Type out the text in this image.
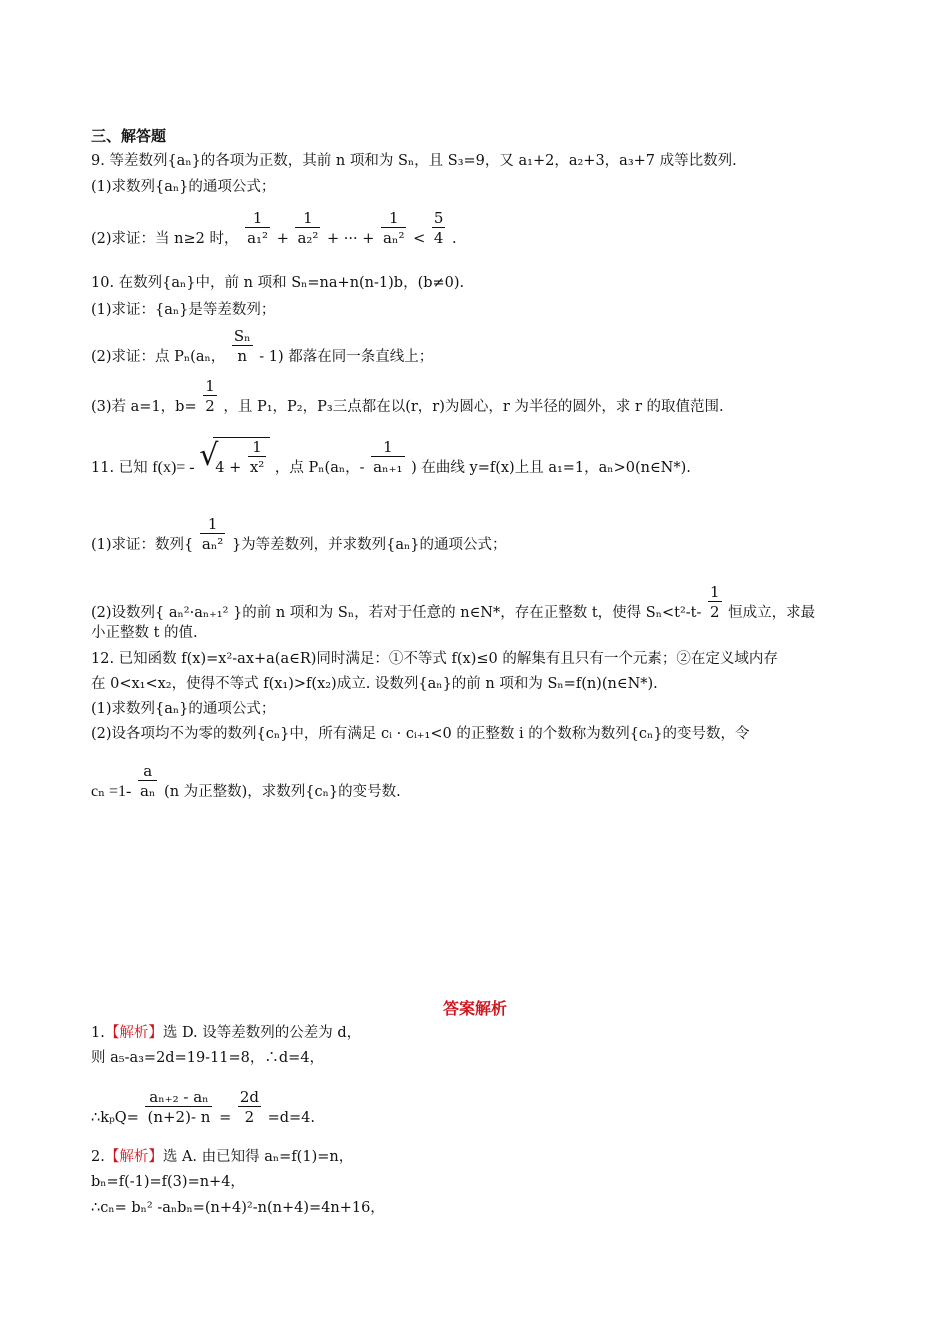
三、解答题
9. 等差数列{aₙ}的各项为正数，其前 n 项和为 Sₙ，且 S₃=9，又 a₁+2，a₂+3，a₃+7 成等比数列.
(1)求数列{aₙ}的通项公式；
(2)求证：当 n≥2 时， $\frac{1}{\text{a₁²}} + \frac{1}{\text{a₂²}}$ + ··· + $\frac{1}{\text{aₙ²}} < \frac{5}{4}$ .
10. 在数列{aₙ}中，前 n 项和 Sₙ=na+n(n-1)b，(b≠0).
(1)求证：{aₙ}是等差数列；
(2)求证：点 Pₙ(aₙ， $\frac{\text{Sₙ}}{n} - 1$) 都落在同一条直线上；
(3)若 a=1，$b= \frac{1}{2}$ ，且 P₁，P₂，P₃三点都在以(r，r)为圆心，r 为半径的圆外，求 r 的取值范围.
11. 已知 f(x)= - √
$4 + \frac{1}{\text{x²}}$ ，点 Pₙ(aₙ，- $\frac{1}{\text{aₙ₊₁}}$ ) 在曲线 y=f(x)上且 a₁=1，aₙ>0(n∈N*).
(1)求证：数列{ $\frac{1}{\text{aₙ²}}$ }为等差数列，并求数列{aₙ}的通项公式；
(2)设数列{ aₙ²·aₙ₊₁² }的前 n 项和为 Sₙ，若对于任意的 n∈N*，存在正整数 t，使得 $S_n<t^2-t- \frac{1}{2}$ 恒成立，求最
小正整数 t 的值.
12. 已知函数 f(x)=x²-ax+a(a∈R)同时满足：①不等式 f(x)≤0 的解集有且只有一个元素；②在定义域内存
在 0<x₁<x₂，使得不等式 f(x₁)>f(x₂)成立. 设数列{aₙ}的前 n 项和为 Sₙ=f(n)(n∈N*).
(1)求数列{aₙ}的通项公式；
(2)设各项均不为零的数列{cₙ}中，所有满足 cᵢ · cᵢ₊₁<0 的正整数 i 的个数称为数列{cₙ}的变号数，令
$c_n =1- \frac{a}{\text{aₙ}} (n$ 为正整数)，求数列{cₙ}的变号数.
答案解析
1.【解析】选 D. 设等差数列的公差为 d，
则 a₅-a₃=2d=19-11=8，∴d=4，
∴kₚQ= $\frac{\text{aₙ₊₂ - aₙ}}{(n+2)- n} = \frac{2d}{2} =d=4$.
2.【解析】选 A. 由已知得 aₙ=f(1)=n，
bₙ=f(-1)=f(3)=n+4，
∴cₙ= bₙ² -aₙbₙ=(n+4)²-n(n+4)=4n+16，
